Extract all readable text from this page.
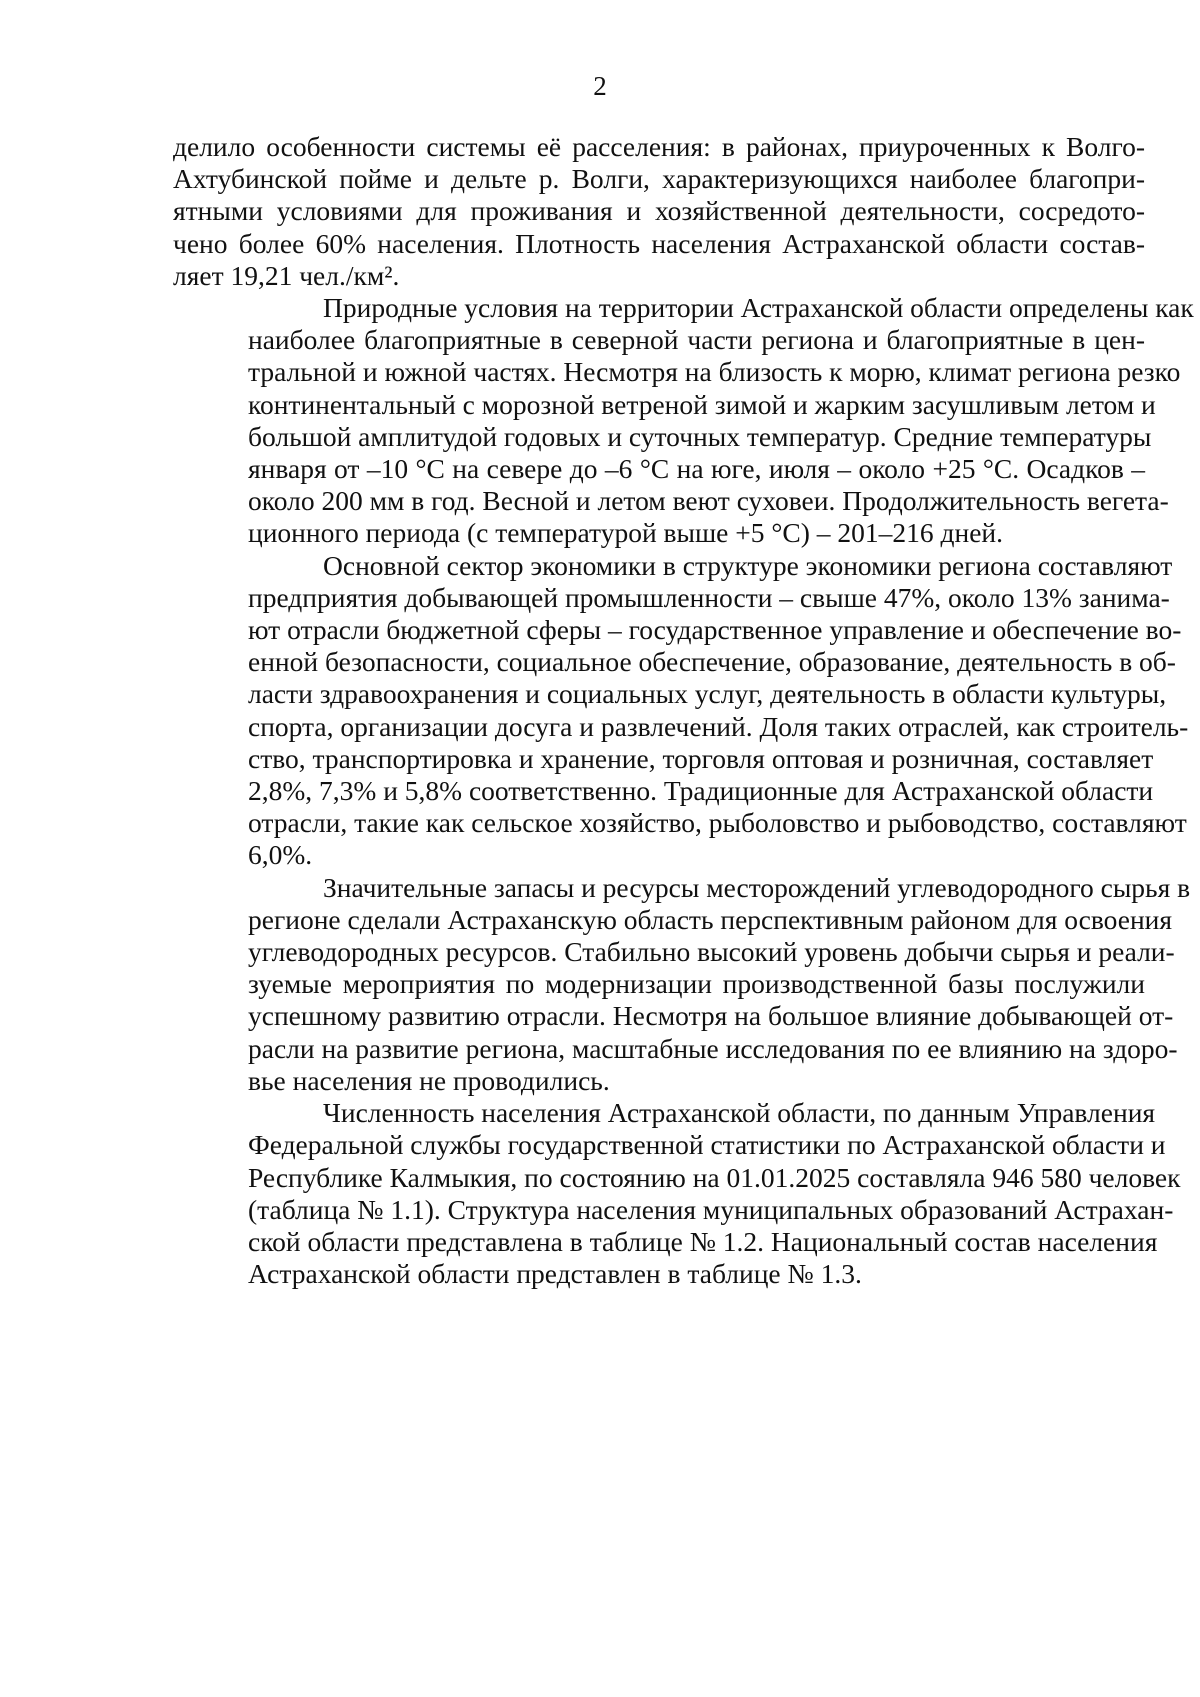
2

делило особенности системы её расселения: в районах, приуроченных к Волго-
Ахтубинской пойме и дельте р. Волги, характеризующихся наиболее благопри-
ятными условиями для проживания и хозяйственной деятельности, сосредото-
чено более 60% населения. Плотность населения Астраханской области состав-
ляет 19,21 чел./км².

Природные условия на территории Астраханской области определены как
наиболее благоприятные в северной части региона и благоприятные в цен-
тральной и южной частях. Несмотря на близость к морю, климат региона резко
континентальный с морозной ветреной зимой и жарким засушливым летом и
большой амплитудой годовых и суточных температур. Средние температуры
января от –10 °С на севере до –6 °С на юге, июля – около +25 °С. Осадков –
около 200 мм в год. Весной и летом веют суховеи. Продолжительность вегета-
ционного периода (с температурой выше +5 °С) – 201–216 дней.

Основной сектор экономики в структуре экономики региона составляют
предприятия добывающей промышленности – свыше 47%, около 13% занима-
ют отрасли бюджетной сферы – государственное управление и обеспечение во-
енной безопасности, социальное обеспечение, образование, деятельность в об-
ласти здравоохранения и социальных услуг, деятельность в области культуры,
спорта, организации досуга и развлечений. Доля таких отраслей, как строитель-
ство, транспортировка и хранение, торговля оптовая и розничная, составляет
2,8%, 7,3% и 5,8% соответственно. Традиционные для Астраханской области
отрасли, такие как сельское хозяйство, рыболовство и рыбоводство, составляют
6,0%.

Значительные запасы и ресурсы месторождений углеводородного сырья в
регионе сделали Астраханскую область перспективным районом для освоения
углеводородных ресурсов. Стабильно высокий уровень добычи сырья и реали-
зуемые мероприятия по модернизации производственной базы послужили
успешному развитию отрасли. Несмотря на большое влияние добывающей от-
расли на развитие региона, масштабные исследования по ее влиянию на здоро-
вье населения не проводились.

Численность населения Астраханской области, по данным Управления
Федеральной службы государственной статистики по Астраханской области и
Республике Калмыкия, по состоянию на 01.01.2025 составляла 946 580 человек
(таблица № 1.1). Структура населения муниципальных образований Астрахан-
ской области представлена в таблице № 1.2. Национальный состав населения
Астраханской области представлен в таблице № 1.3.
